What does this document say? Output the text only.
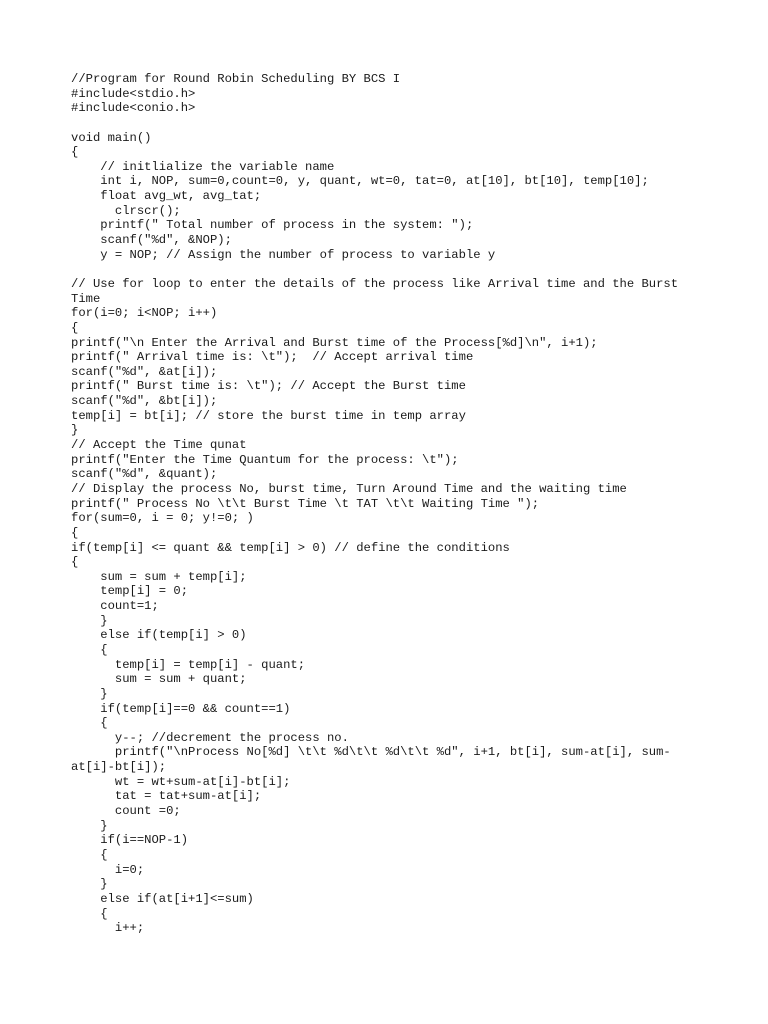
//Program for Round Robin Scheduling BY BCS I
#include<stdio.h>
#include<conio.h>
void main()
{
// initlialize the variable name
int i, NOP, sum=0,count=0, y, quant, wt=0, tat=0, at[10], bt[10], temp[10];
float avg_wt, avg_tat;
clrscr();
printf(" Total number of process in the system: ");
scanf("%d", &NOP);
y = NOP; // Assign the number of process to variable y
// Use for loop to enter the details of the process like Arrival time and the Burst
Time
for(i=0; i<NOP; i++)
{
printf("\n Enter the Arrival and Burst time of the Process[%d]\n", i+1);
printf(" Arrival time is: \t");  // Accept arrival time
scanf("%d", &at[i]);
printf(" Burst time is: \t"); // Accept the Burst time
scanf("%d", &bt[i]);
temp[i] = bt[i]; // store the burst time in temp array
}
// Accept the Time qunat
printf("Enter the Time Quantum for the process: \t");
scanf("%d", &quant);
// Display the process No, burst time, Turn Around Time and the waiting time
printf(" Process No \t\t Burst Time \t TAT \t\t Waiting Time ");
for(sum=0, i = 0; y!=0; )
{
if(temp[i] <= quant && temp[i] > 0) // define the conditions
{
sum = sum + temp[i];
temp[i] = 0;
count=1;
}
else if(temp[i] > 0)
{
temp[i] = temp[i] - quant;
sum = sum + quant;
}
if(temp[i]==0 && count==1)
{
y--; //decrement the process no.
printf("\nProcess No[%d] \t\t %d\t\t %d\t\t %d", i+1, bt[i], sum-at[i], sum-
at[i]-bt[i]);
wt = wt+sum-at[i]-bt[i];
tat = tat+sum-at[i];
count =0;
}
if(i==NOP-1)
{
i=0;
}
else if(at[i+1]<=sum)
{
i++;
